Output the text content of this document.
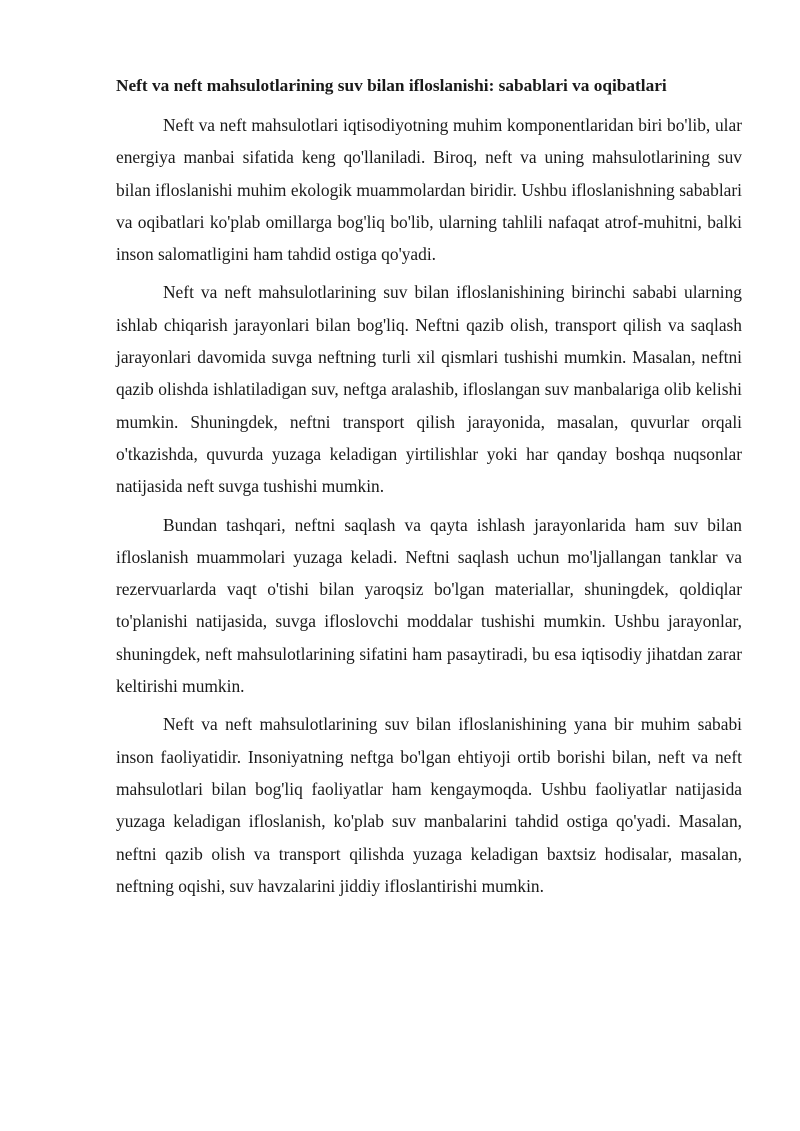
Neft va neft mahsulotlarining suv bilan ifloslanishi: sabablari va oqibatlari

Neft va neft mahsulotlari iqtisodiyotning muhim komponentlaridan biri bo'lib, ular energiya manbai sifatida keng qo'llaniladi. Biroq, neft va uning mahsulotlarining suv bilan ifloslanishi muhim ekologik muammolardan biridir. Ushbu ifloslanishning sabablari va oqibatlari ko'plab omillarga bog'liq bo'lib, ularning tahlili nafaqat atrof-muhitni, balki inson salomatligini ham tahdid ostiga qo'yadi.

Neft va neft mahsulotlarining suv bilan ifloslanishining birinchi sababi ularning ishlab chiqarish jarayonlari bilan bog'liq. Neftni qazib olish, transport qilish va saqlash jarayonlari davomida suvga neftning turli xil qismlari tushishi mumkin. Masalan, neftni qazib olishda ishlatiladigan suv, neftga aralashib, ifloslangan suv manbalariga olib kelishi mumkin. Shuningdek, neftni transport qilish jarayonida, masalan, quvurlar orqali o'tkazishda, quvurda yuzaga keladigan yirtilishlar yoki har qanday boshqa nuqsonlar natijasida neft suvga tushishi mumkin.

Bundan tashqari, neftni saqlash va qayta ishlash jarayonlarida ham suv bilan ifloslanish muammolari yuzaga keladi. Neftni saqlash uchun mo'ljallangan tanklar va rezervuarlarda vaqt o'tishi bilan yaroqsiz bo'lgan materiallar, shuningdek, qoldiqlar to'planishi natijasida, suvga ifloslovchi moddalar tushishi mumkin. Ushbu jarayonlar, shuningdek, neft mahsulotlarining sifatini ham pasaytiradi, bu esa iqtisodiy jihatdan zarar keltirishi mumkin.

Neft va neft mahsulotlarining suv bilan ifloslanishining yana bir muhim sababi inson faoliyatidir. Insoniyatning neftga bo'lgan ehtiyoji ortib borishi bilan, neft va neft mahsulotlari bilan bog'liq faoliyatlar ham kengaymoqda. Ushbu faoliyatlar natijasida yuzaga keladigan ifloslanish, ko'plab suv manbalarini tahdid ostiga qo'yadi. Masalan, neftni qazib olish va transport qilishda yuzaga keladigan baxtsiz hodisalar, masalan, neftning oqishi, suv havzalarini jiddiy ifloslantirishi mumkin.
